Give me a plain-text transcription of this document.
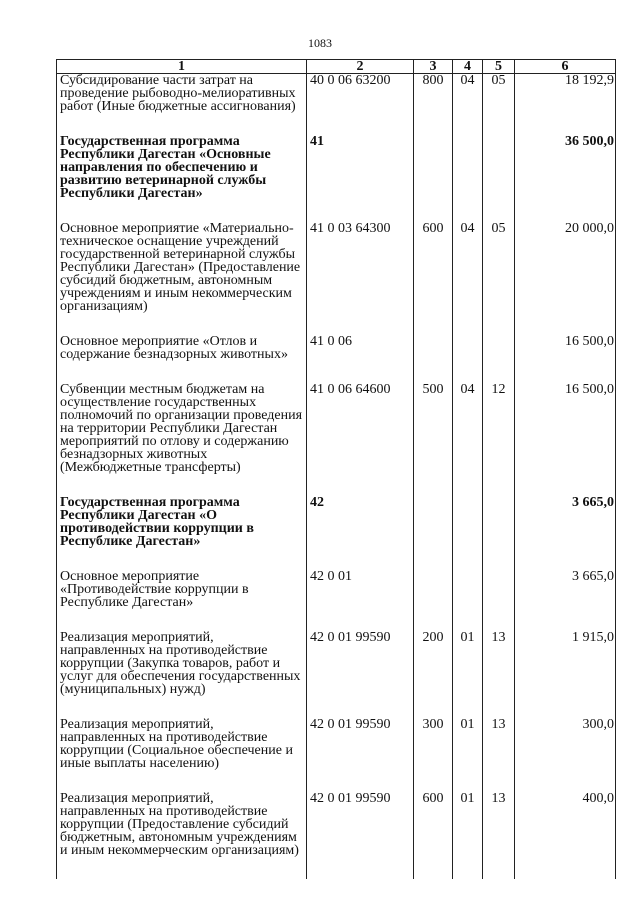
1083
1	2	3	4	5	6
Субсидирование части затрат на проведение рыбоводно-мелиоративных работ (Иные бюджетные ассигнования)	40 0 06 63200	800	04	05	18 192,9

Государственная программа Республики Дагестан «Основные направления по обеспечению и развитию ветеринарной службы Республики Дагестан»	41				36 500,0

Основное мероприятие «Материально-техническое оснащение учреждений государственной ветеринарной службы Республики Дагестан» (Предоставление субсидий бюджетным, автономным учреждениям и иным некоммерческим организациям)	41 0 03 64300	600	04	05	20 000,0

Основное мероприятие «Отлов и содержание безнадзорных животных»	41 0 06				16 500,0

Субвенции местным бюджетам на осуществление государственных полномочий по организации проведения на территории Республики Дагестан мероприятий по отлову и содержанию безнадзорных животных (Межбюджетные трансферты)	41 0 06 64600	500	04	12	16 500,0

Государственная программа Республики Дагестан «О противодействии коррупции в Республике Дагестан»	42				3 665,0

Основное мероприятие «Противодействие коррупции в Республике Дагестан»	42 0 01				3 665,0

Реализация мероприятий, направленных на противодействие коррупции (Закупка товаров, работ и услуг для обеспечения государственных (муниципальных) нужд)	42 0 01 99590	200	01	13	1 915,0

Реализация мероприятий, направленных на противодействие коррупции (Социальное обеспечение и иные выплаты населению)	42 0 01 99590	300	01	13	300,0

Реализация мероприятий, направленных на противодействие коррупции (Предоставление субсидий бюджетным, автономным учреждениям и иным некоммерческим организациям)	42 0 01 99590	600	01	13	400,0
